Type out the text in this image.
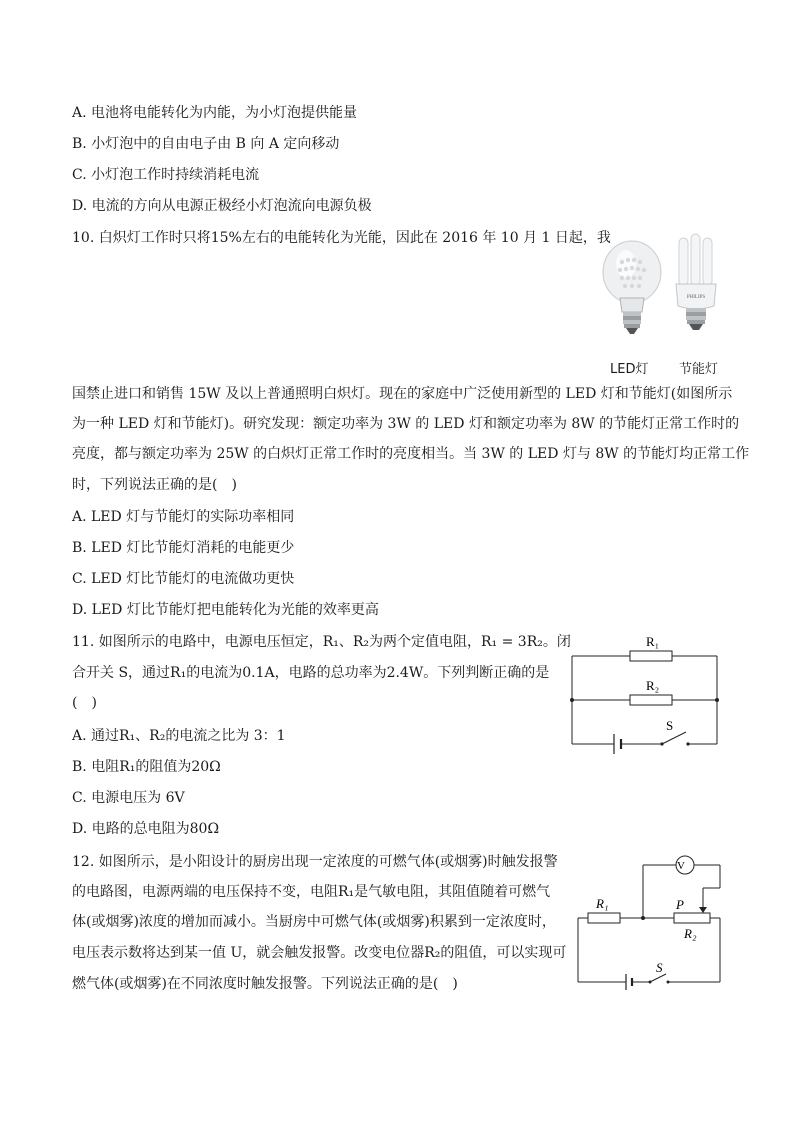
A. 电池将电能转化为内能，为小灯泡提供能量
B. 小灯泡中的自由电子由 B 向 A 定向移动
C. 小灯泡工作时持续消耗电流
D. 电流的方向从电源正极经小灯泡流向电源负极
10. 白炽灯工作时只将15%左右的电能转化为光能，因此在 2016 年 10 月 1 日起，我
PHILIPS
LED灯 节能灯
国禁止进口和销售 15W 及以上普通照明白炽灯。现在的家庭中广泛使用新型的 LED 灯和节能灯(如图所示
为一种 LED 灯和节能灯)。研究发现：额定功率为 3W 的 LED 灯和额定功率为 8W 的节能灯正常工作时的
亮度，都与额定功率为 25W 的白炽灯正常工作时的亮度相当。当 3W 的 LED 灯与 8W 的节能灯均正常工作
时，下列说法正确的是(　)
A. LED 灯与节能灯的实际功率相同
B. LED 灯比节能灯消耗的电能更少
C. LED 灯比节能灯的电流做功更快
D. LED 灯比节能灯把电能转化为光能的效率更高
11. 如图所示的电路中，电源电压恒定，R₁、R₂为两个定值电阻，R₁ = 3R₂。闭
合开关 S，通过R₁的电流为0.1A，电路的总功率为2.4W。下列判断正确的是
(　)
A. 通过R₁、R₂的电流之比为 3：1
B. 电阻R₁的阻值为20Ω
C. 电源电压为 6V
D. 电路的总电阻为80Ω
R₁
R₂
S
12. 如图所示，是小阳设计的厨房出现一定浓度的可燃气体(或烟雾)时触发报警
的电路图，电源两端的电压保持不变，电阻R₁是气敏电阻，其阻值随着可燃气
体(或烟雾)浓度的增加而减小。当厨房中可燃气体(或烟雾)积累到一定浓度时，
电压表示数将达到某一值 U，就会触发报警。改变电位器R₂的阻值，可以实现可
燃气体(或烟雾)在不同浓度时触发报警。下列说法正确的是(　)
V
R₁	P
R₂
S
